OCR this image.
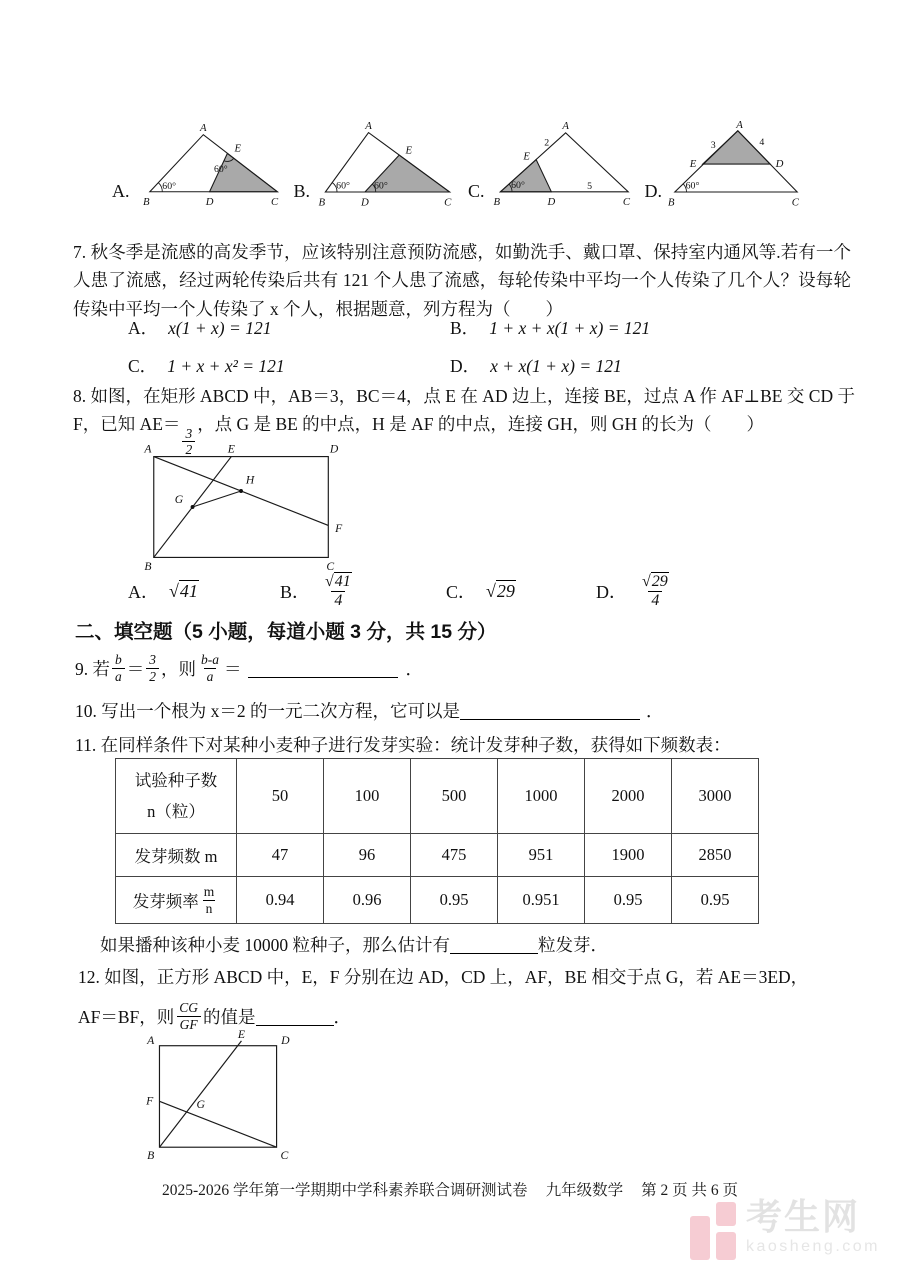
A.
A
E
60°
60°
B	D	C
B.
A
E
60° 60°
B	D	C
C.
A
2
E
60°	5
B	D	C
D.
A
3	4
E	D
60°
B	C

7. 秋冬季是流感的高发季节，应该特别注意预防流感，如勤洗手、戴口罩、保持室内通风等.若有一个人患了流感，经过两轮传染后共有 121 个人患了流感，每轮传染中平均一个人传染了几个人？设每轮传染中平均一个人传染了 x 个人，根据题意，列方程为（　　）

A． x(1 + x) = 121	B． 1 + x + x(1 + x) = 121
C． 1 + x + x² = 121	D． x + x(1 + x) = 121

8. 如图，在矩形 ABCD 中，AB＝3，BC＝4，点 E 在 AD 边上，连接 BE，过点 A 作 AF⊥BE 交 CD 于 F，已知 AE＝
$\frac{3}{2}$
，点 G 是 BE 的中点，H 是 AF 的中点，连接 GH，则 GH 的长为（　　）

A	E	D
G
H
F
B	C
A． √41	B． $\frac{√41}{4}$	C． √29	D． $\frac{√29}{4}$
二、填空题（5 小题，每道小题 3 分，共 15 分）
9. 若 $\frac{b}{a} = \frac{3}{2}$ ，则 $\frac{b-a}{a}$ ＝	．
10. 写出一个根为 x＝2 的一元二次方程，它可以是	．

11. 在同样条件下对某种小麦种子进行发芽实验：统计发芽种子数，获得如下频数表：

试验种子数
n（粒）	50	100	500	1000	2000	3000
发芽频数 m	47	96	475	951	1900	2850

发芽频率 $\frac{m}{n}$	0.94	0.96	0.95	0.951	0.95	0.95
如果播种该种小麦 10000 粒种子，那么估计有	粒发芽．

12. 如图，正方形 ABCD 中，E，F 分别在边 AD，CD 上，AF，BE 相交于点 G，若 AE＝3ED，

AF＝BF，则 $\frac{CG}{GF}$ 的值是	．
A	E	D
F	G
B	C
2025-2026 学年第一学期期中学科素养联合调研测试卷 九年级数学 第 2 页 共 6 页
考生网
kaosheng.com
